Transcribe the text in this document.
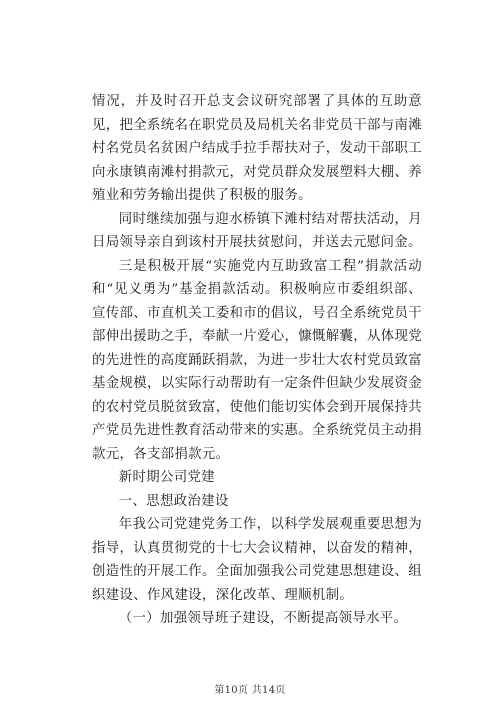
情况，并及时召开总支会议研究部署了具体的互助意见，把全系统名在职党员及局机关名非党员干部与南滩村名党员名贫困户结成手拉手帮扶对子，发动干部职工向永康镇南滩村捐款元，对党员群众发展塑料大棚、养殖业和劳务输出提供了积极的服务。

同时继续加强与迎水桥镇下滩村结对帮扶活动，月日局领导亲自到该村开展扶贫慰问，并送去元慰问金。

三是积极开展“实施党内互助致富工程”捐款活动和“见义勇为”基金捐款活动。积极响应市委组织部、宣传部、市直机关工委和市的倡议，号召全系统党员干部伸出援助之手，奉献一片爱心，慷慨解囊，从体现党的先进性的高度踊跃捐款，为进一步壮大农村党员致富基金规模，以实际行动帮助有一定条件但缺少发展资金的农村党员脱贫致富，使他们能切实体会到开展保持共产党员先进性教育活动带来的实惠。全系统党员主动捐款元，各支部捐款元。

新时期公司党建

一、思想政治建设

年我公司党建党务工作，以科学发展观重要思想为指导，认真贯彻党的十七大会议精神，以奋发的精神，创造性的开展工作。全面加强我公司党建思想建设、组织建设、作风建设，深化改革、理顺机制。

（一）加强领导班子建设，不断提高领导水平。

第10页 共14页
